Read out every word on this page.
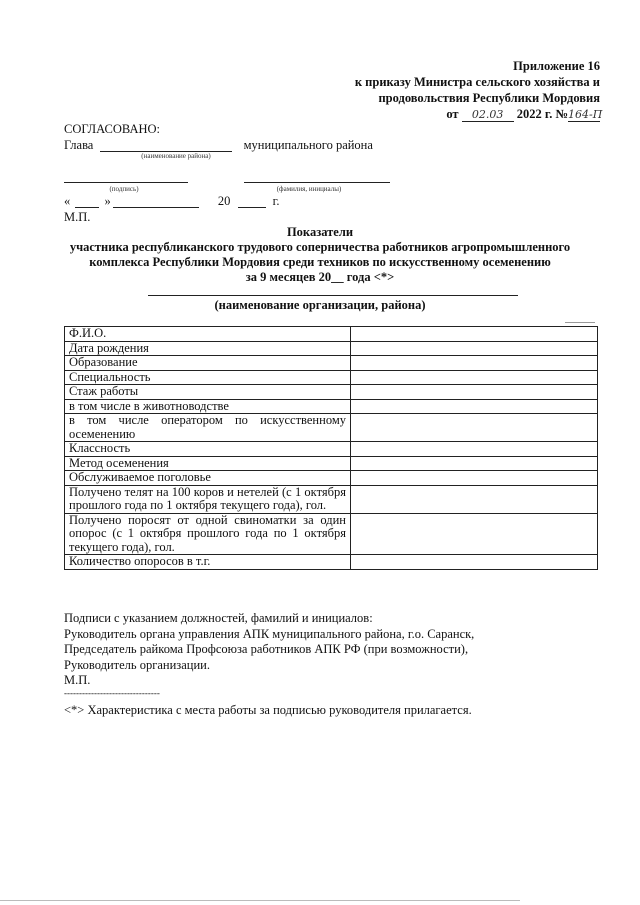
Приложение 16
к приказу Министра сельского хозяйства и
продовольствия Республики Мордовия
от 02.03 2022 г. №164-П
СОГЛАСОВАНО:
Глава	муниципального района
(наименование района)
(подпись)	(фамилия, инициалы)
«	»	20	г.
М.П.
Показатели
участника республиканского трудового соперничества работников агропромышленного
комплекса Республики Мордовия среди техников по искусственному осеменению
за 9 месяцев 20__ года <*>
(наименование организации, района)
Ф.И.О.	
Дата рождения	
Образование	
Специальность	
Стаж работы	
в том числе в животноводстве	
в том числе оператором по искусственному осеменению	
Классность	
Метод осеменения	
Обслуживаемое поголовье	
Получено телят на 100 коров и нетелей (с 1 октября прошлого года по 1 октября текущего года), гол.	
Получено поросят от одной свиноматки за один опорос (с 1 октября прошлого года по 1 октября текущего года), гол.	
Количество опоросов в т.г.	
Подписи с указанием должностей, фамилий и инициалов:
Руководитель органа управления АПК муниципального района, г.о. Саранск,
Председатель райкома Профсоюза работников АПК РФ (при возможности),
Руководитель организации.
М.П.
--------------------------------
<*> Характеристика с места работы за подписью руководителя прилагается.
